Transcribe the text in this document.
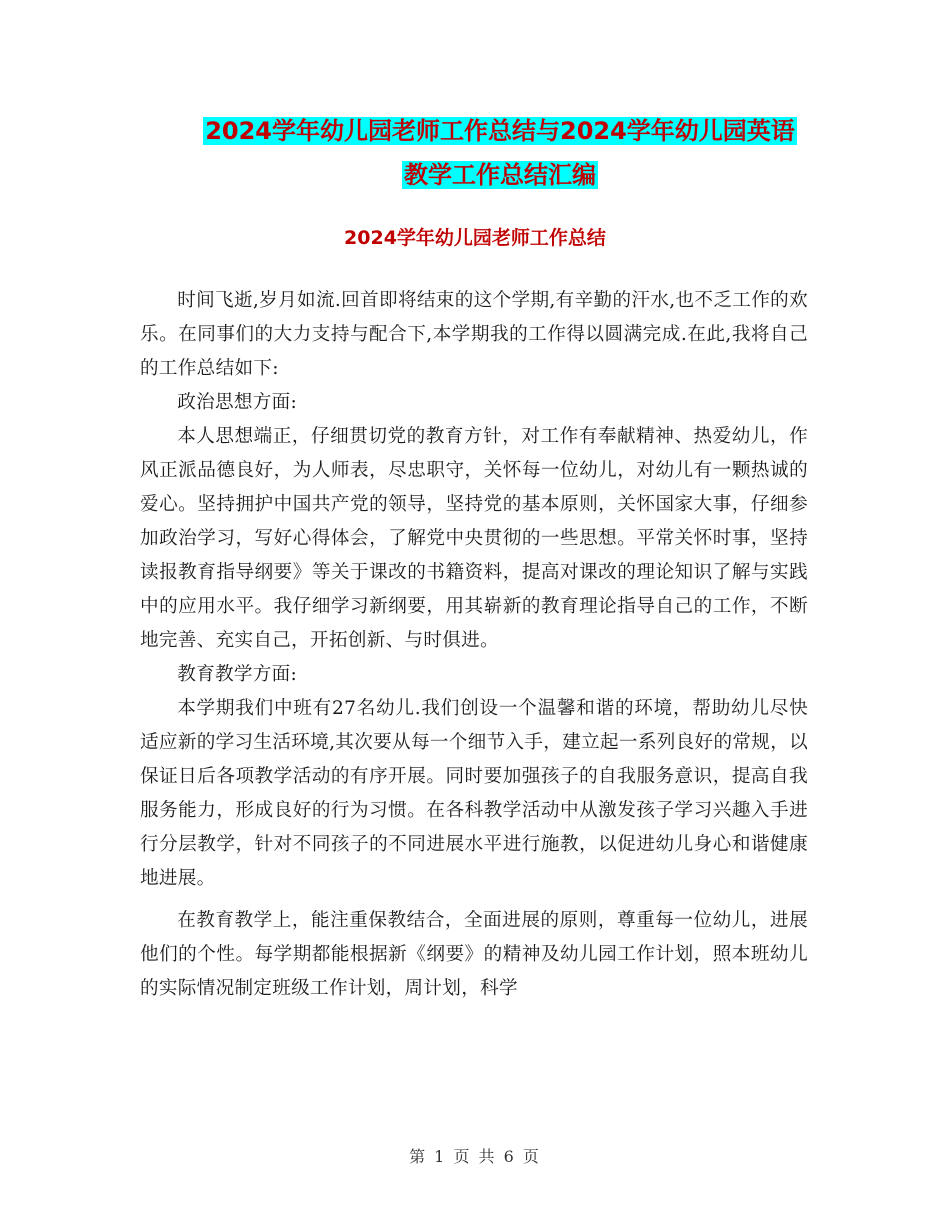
2024学年幼儿园老师工作总结与2024学年幼儿园英语
教学工作总结汇编
2024学年幼儿园老师工作总结

时间飞逝,岁月如流.回首即将结束的这个学期,有辛勤的汗水,也不乏工作的欢乐。在同事们的大力支持与配合下,本学期我的工作得以圆满完成.在此,我将自己的工作总结如下:

政治思想方面:

本人思想端正，仔细贯切党的教育方针，对工作有奉献精神、热爱幼儿，作风正派品德良好，为人师表，尽忠职守，关怀每一位幼儿，对幼儿有一颗热诚的爱心。坚持拥护中国共产党的领导，坚持党的基本原则，关怀国家大事，仔细参加政治学习，写好心得体会，了解党中央贯彻的一些思想。平常关怀时事，坚持读报教育指导纲要》等关于课改的书籍资料，提高对课改的理论知识了解与实践中的应用水平。我仔细学习新纲要，用其崭新的教育理论指导自己的工作，不断地完善、充实自己，开拓创新、与时俱进。

教育教学方面:

本学期我们中班有27名幼儿.我们创设一个温馨和谐的环境，帮助幼儿尽快适应新的学习生活环境,其次要从每一个细节入手，建立起一系列良好的常规，以保证日后各项教学活动的有序开展。同时要加强孩子的自我服务意识，提高自我服务能力，形成良好的行为习惯。在各科教学活动中从激发孩子学习兴趣入手进行分层教学，针对不同孩子的不同进展水平进行施教，以促进幼儿身心和谐健康地进展。

在教育教学上，能注重保教结合，全面进展的原则，尊重每一位幼儿，进展他们的个性。每学期都能根据新《纲要》的精神及幼儿园工作计划，照本班幼儿的实际情况制定班级工作计划，周计划，科学

第 1 页 共 6 页
